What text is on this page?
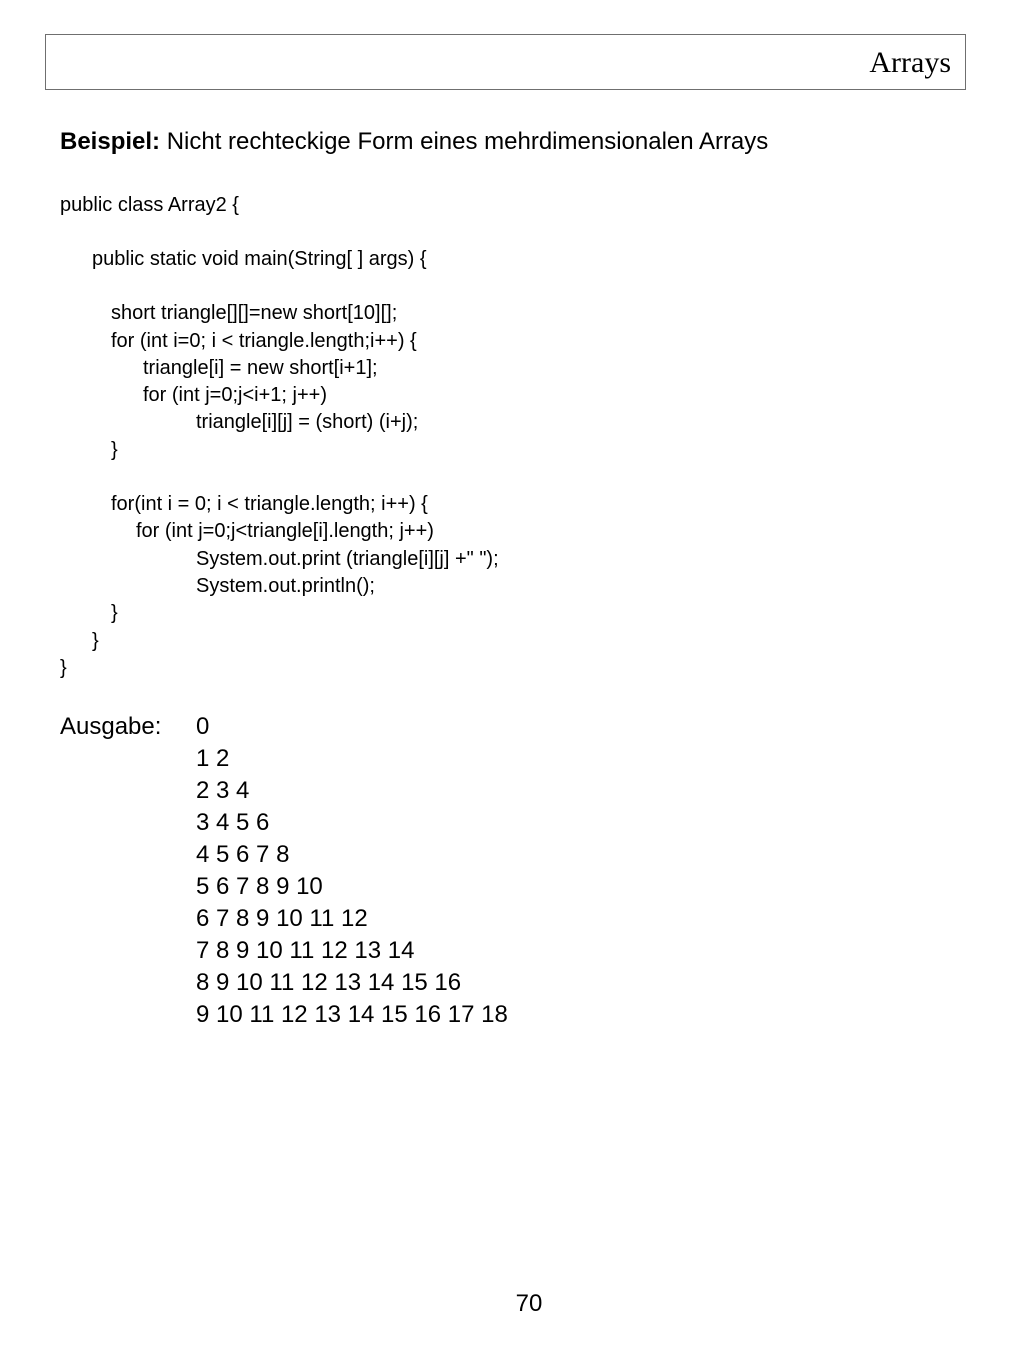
Arrays
Beispiel: Nicht rechteckige Form eines mehrdimensionalen Arrays
public class Array2 {
public static void main(String[ ] args) {
short triangle[][]=new short[10][];
for (int i=0; i < triangle.length;i++) {
triangle[i] = new short[i+1];
for (int j=0;j<i+1; j++)
triangle[i][j] = (short) (i+j);
}
for(int i = 0; i < triangle.length; i++) {
for (int j=0;j<triangle[i].length; j++)
System.out.print (triangle[i][j] +" ");
System.out.println();
}
}
}
Ausgabe: 0
1 2
2 3 4
3 4 5 6
4 5 6 7 8
5 6 7 8 9 10
6 7 8 9 10 11 12
7 8 9 10 11 12 13 14
8 9 10 11 12 13 14 15 16
9 10 11 12 13 14 15 16 17 18
70
